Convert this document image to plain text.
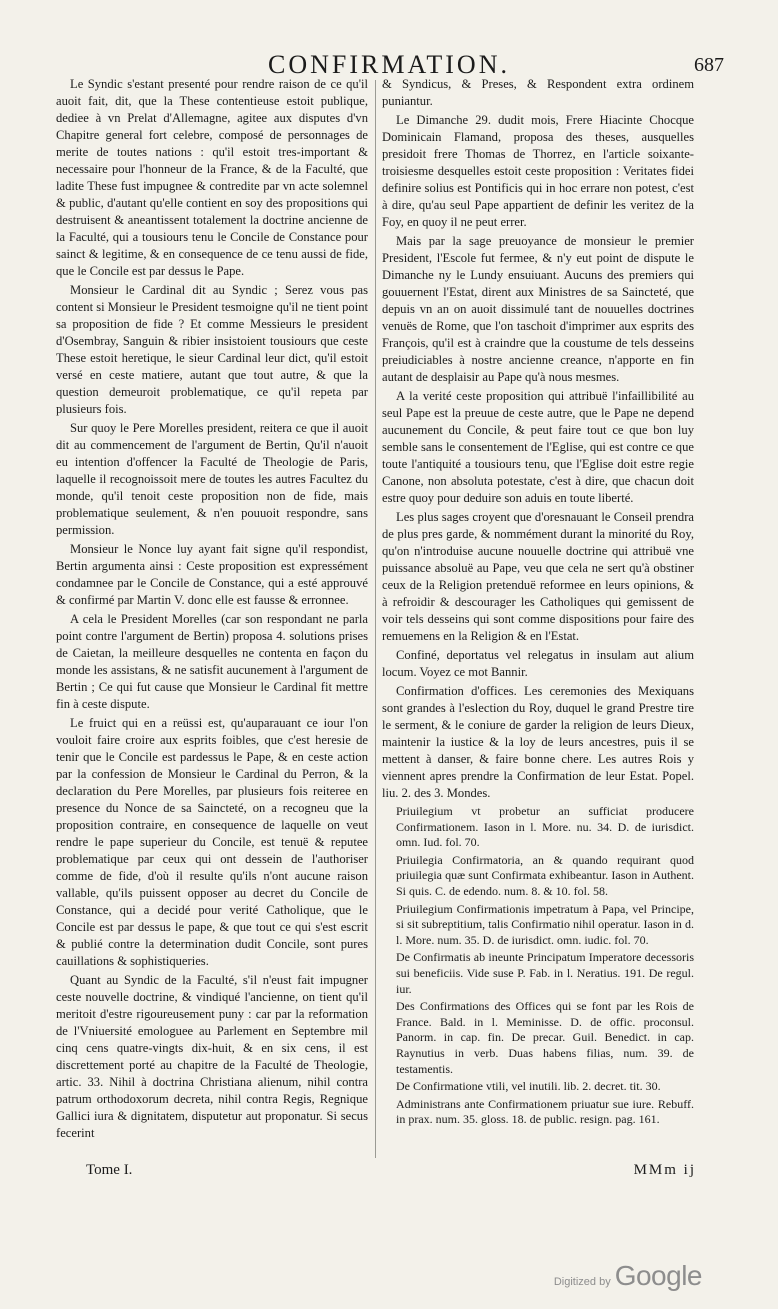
CONFIRMATION.	687

Le Syndic s'estant presenté pour rendre raison de ce qu'il auoit fait, dit, que la These contentieuse estoit publique, dediee à vn Prelat d'Allemagne, agitee aux disputes d'vn Chapitre general fort celebre, composé de personnages de merite de toutes nations : qu'il estoit tres-important & necessaire pour l'honneur de la France, & de la Faculté, que ladite These fust impugnee & contredite par vn acte solemnel & public, d'autant qu'elle contient en soy des propositions qui destruisent & aneantissent totalement la doctrine ancienne de la Faculté, qui a tousiours tenu le Concile de Constance pour sainct & legitime, & en consequence de ce tenu aussi de fide, que le Concile est par dessus le Pape.

Monsieur le Cardinal dit au Syndic ; Serez vous pas content si Monsieur le President tesmoigne qu'il ne tient point sa proposition de fide ? Et comme Messieurs le president d'Osembray, Sanguin & ribier insistoient tousiours que ceste These estoit heretique, le sieur Cardinal leur dict, qu'il estoit versé en ceste matiere, autant que tout autre, & que la question demeuroit problematique, ce qu'il repeta par plusieurs fois.

Sur quoy le Pere Morelles president, reitera ce que il auoit dit au commencement de l'argument de Bertin, Qu'il n'auoit eu intention d'offencer la Faculté de Theologie de Paris, laquelle il recognoissoit mere de toutes les autres Facultez du monde, qu'il tenoit ceste proposition non de fide, mais problematique seulement, & n'en pouuoit respondre, sans permission.

Monsieur le Nonce luy ayant fait signe qu'il respondist, Bertin argumenta ainsi : Ceste proposition est expressément condamnee par le Concile de Constance, qui a esté approuvé & confirmé par Martin V. donc elle est fausse & erronnee.

A cela le President Morelles (car son respondant ne parla point contre l'argument de Bertin) proposa 4. solutions prises de Caietan, la meilleure desquelles ne contenta en façon du monde les assistans, & ne satisfit aucunement à l'argument de Bertin ; Ce qui fut cause que Monsieur le Cardinal fit mettre fin à ceste dispute.

Le fruict qui en a reüssi est, qu'auparauant ce iour l'on vouloit faire croire aux esprits foibles, que c'est heresie de tenir que le Concile est pardessus le Pape, & en ceste action par la confession de Monsieur le Cardinal du Perron, & la declaration du Pere Morelles, par plusieurs fois reiteree en presence du Nonce de sa Saincteté, on a recogneu que la proposition contraire, en consequence de laquelle on veut rendre le pape superieur du Concile, est tenuë & reputee problematique par ceux qui ont dessein de l'authoriser comme de fide, d'où il resulte qu'ils n'ont aucune raison vallable, qu'ils puissent opposer au decret du Concile de Constance, qui a decidé pour verité Catholique, que le Concile est par dessus le pape, & que tout ce qui s'est escrit & publié contre la determination dudit Concile, sont pures cauillations & sophistiqueries.

Quant au Syndic de la Faculté, s'il n'eust fait impugner ceste nouvelle doctrine, & vindiqué l'ancienne, on tient qu'il meritoit d'estre rigoureusement puny : car par la reformation de l'Vniuersité emologuee au Parlement en Septembre mil cinq cens quatre-vingts dix-huit, & en six cens, il est discrettement porté au chapitre de la Faculté de Theologie, artic. 33. Nihil à doctrina Christiana alienum, nihil contra patrum orthodoxorum decreta, nihil contra Regis, Regnique Gallici iura & dignitatem, disputetur aut proponatur. Si secus fecerint

& Syndicus, & Preses, & Respondent extra ordinem puniantur.

Le Dimanche 29. dudit mois, Frere Hiacinte Chocque Dominicain Flamand, proposa des theses, ausquelles presidoit frere Thomas de Thorrez, en l'article soixante-troisiesme desquelles estoit ceste proposition : Veritates fidei definire solius est Pontificis qui in hoc errare non potest, c'est à dire, qu'au seul Pape appartient de definir les veritez de la Foy, en quoy il ne peut errer.

Mais par la sage preuoyance de monsieur le premier President, l'Escole fut fermee, & n'y eut point de dispute le Dimanche ny le Lundy ensuiuant. Aucuns des premiers qui gouuernent l'Estat, dirent aux Ministres de sa Saincteté, que depuis vn an on auoit dissimulé tant de nouuelles doctrines venuës de Rome, que l'on taschoit d'imprimer aux esprits des François, qu'il est à craindre que la coustume de tels desseins preiudiciables à nostre ancienne creance, n'apporte en fin autant de desplaisir au Pape qu'à nous mesmes.

A la verité ceste proposition qui attribuë l'infaillibilité au seul Pape est la preuue de ceste autre, que le Pape ne depend aucunement du Concile, & peut faire tout ce que bon luy semble sans le consentement de l'Eglise, qui est contre ce que toute l'antiquité a tousiours tenu, que l'Eglise doit estre regie Canone, non absoluta potestate, c'est à dire, que chacun doit estre quoy pour deduire son aduis en toute liberté.

Les plus sages croyent que d'oresnauant le Conseil prendra de plus pres garde, & nommément durant la minorité du Roy, qu'on n'introduise aucune nouuelle doctrine qui attribuë vne puissance absoluë au Pape, veu que cela ne sert qu'à obstiner ceux de la Religion pretenduë reformee en leurs opinions, & à refroidir & descourager les Catholiques qui gemissent de voir tels desseins qui sont comme dispositions pour faire des remuemens en la Religion & en l'Estat.

Confiné, deportatus vel relegatus in insulam aut alium locum. Voyez ce mot Bannir.

Confirmation d'offices. Les ceremonies des Mexiquans sont grandes à l'eslection du Roy, duquel le grand Prestre tire le serment, & le coniure de garder la religion de leurs Dieux, maintenir la iustice & la loy de leurs ancestres, puis il se mettent à danser, & faire bonne chere. Les autres Rois y viennent apres prendre la Confirmation de leur Estat. Popel. liu. 2. des 3. Mondes.

Priuilegium vt probetur an sufficiat producere Confirmationem. Iason in l. More. nu. 34. D. de iurisdict. omn. Iud. fol. 70.

Priuilegia Confirmatoria, an & quando requirant quod priuilegia quæ sunt Confirmata exhibeantur. Iason in Authent. Si quis. C. de edendo. num. 8. & 10. fol. 58.

Priuilegium Confirmationis impetratum à Papa, vel Principe, si sit subreptitium, talis Confirmatio nihil operatur. Iason in d. l. More. num. 35. D. de iurisdict. omn. iudic. fol. 70.

De Confirmatis ab ineunte Principatum Imperatore decessoris sui beneficiis. Vide suse P. Fab. in l. Neratius. 191. De regul. iur.

Des Confirmations des Offices qui se font par les Rois de France. Bald. in l. Meminisse. D. de offic. proconsul. Panorm. in cap. fin. De precar. Guil. Benedict. in cap. Raynutius in verb. Duas habens filias, num. 39. de testamentis.

De Confirmatione vtili, vel inutili. lib. 2. decret. tit. 30.

Administrans ante Confirmationem priuatur sue iure. Rebuff. in prax. num. 35. gloss. 18. de public. resign. pag. 161.

Tome I.	MMm ij
Digitized by Google
